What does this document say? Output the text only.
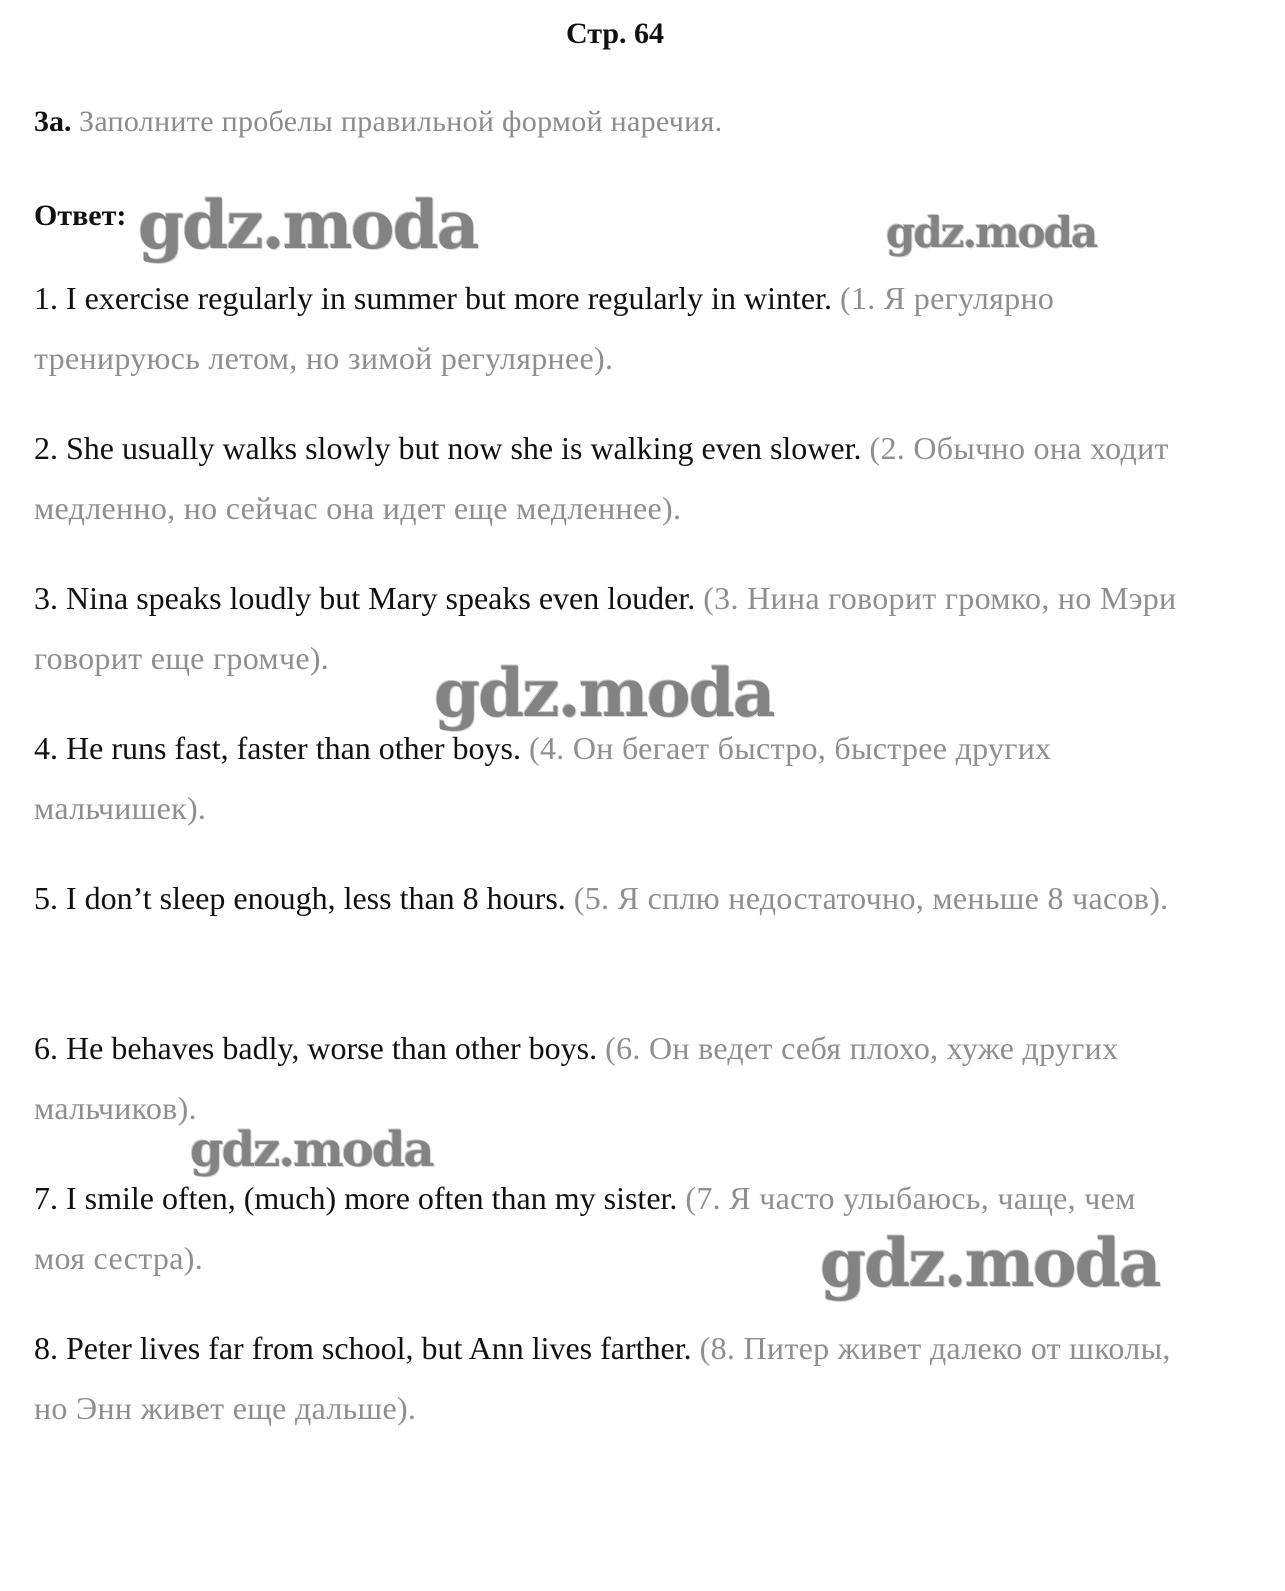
Стр. 64
3a. Заполните пробелы правильной формой наречия.
Ответ:
1. I exercise regularly in summer but more regularly in winter. (1. Я регулярно тренируюсь летом, но зимой регулярнее).
2. She usually walks slowly but now she is walking even slower. (2. Обычно она ходит медленно, но сейчас она идет еще медленнее).
3. Nina speaks loudly but Mary speaks even louder. (3. Нина говорит громко, но Мэри говорит еще громче).
4. He runs fast, faster than other boys. (4. Он бегает быстро, быстрее других мальчишек).
5. I don’t sleep enough, less than 8 hours. (5. Я сплю недостаточно, меньше 8 часов).
6. He behaves badly, worse than other boys. (6. Он ведет себя плохо, хуже других мальчиков).
7. I smile often, (much) more often than my sister. (7. Я часто улыбаюсь, чаще, чем моя сестра).
8. Peter lives far from school, but Ann lives farther. (8. Питер живет далеко от школы, но Энн живет еще дальше).
gdz.moda	gdz.moda
gdz.moda
gdz.moda
gdz.moda
